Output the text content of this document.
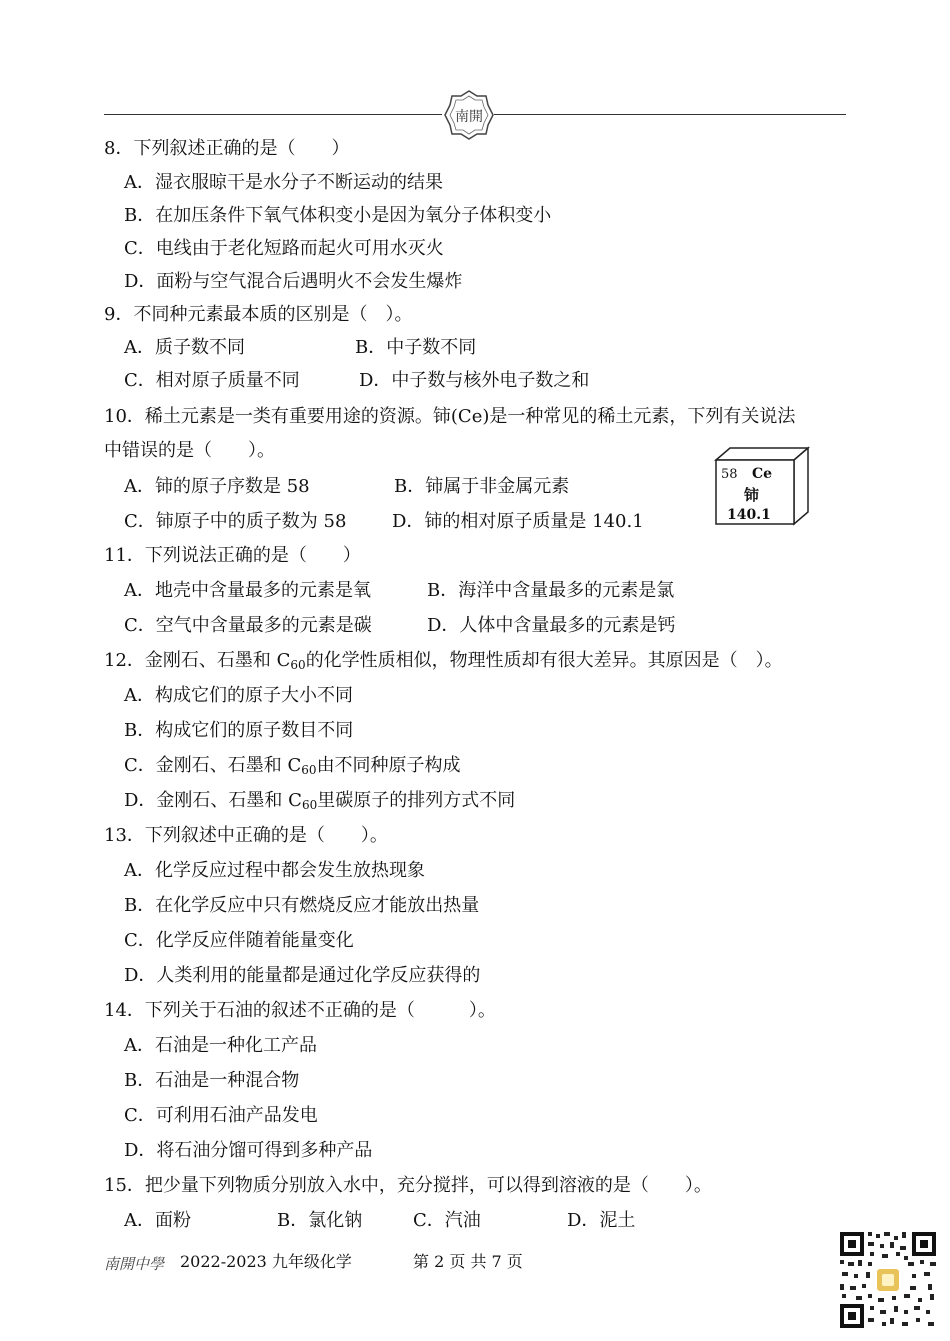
南開
8．下列叙述正确的是（　　）
A．湿衣服晾干是水分子不断运动的结果
B．在加压条件下氧气体积变小是因为氧分子体积变小
C．电线由于老化短路而起火可用水灭火
D．面粉与空气混合后遇明火不会发生爆炸
9．不同种元素最本质的区别是（　）。
A．质子数不同	B．中子数不同
C．相对原子质量不同	D．中子数与核外电子数之和
10．稀土元素是一类有重要用途的资源。铈(Ce)是一种常见的稀土元素，下列有关说法
中错误的是（　　）。
A．铈的原子序数是 58	B．铈属于非金属元素
C．铈原子中的质子数为 58	D．铈的相对原子质量是 140.1
58 Ce
铈
140.1
11．下列说法正确的是（　　）
A．地壳中含量最多的元素是氧	B．海洋中含量最多的元素是氯
C．空气中含量最多的元素是碳	D．人体中含量最多的元素是钙
12．金刚石、石墨和 $C_{60}$的化学性质相似，物理性质却有很大差异。其原因是（　）。
A．构成它们的原子大小不同
B．构成它们的原子数目不同
C．金刚石、石墨和 $C_{60}$由不同种原子构成
D．金刚石、石墨和 $C_{60}$里碳原子的排列方式不同
13．下列叙述中正确的是（　　）。
A．化学反应过程中都会发生放热现象
B．在化学反应中只有燃烧反应才能放出热量
C．化学反应伴随着能量变化
D．人类利用的能量都是通过化学反应获得的
14．下列关于石油的叙述不正确的是（　　　）。
A．石油是一种化工产品
B．石油是一种混合物
C．可利用石油产品发电
D．将石油分馏可得到多种产品
15．把少量下列物质分别放入水中，充分搅拌，可以得到溶液的是（　　）。
A．面粉	B．氯化钠	C．汽油	D．泥土
南開中學 2022-2023 九年级化学	第 2 页 共 7 页
